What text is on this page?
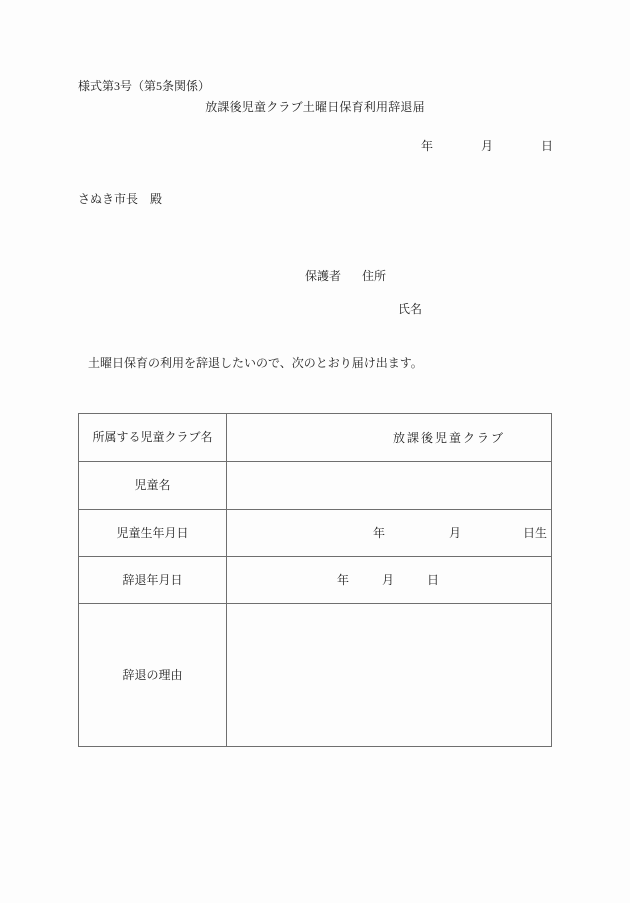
様式第3号（第5条関係）
放課後児童クラブ土曜日保育利用辞退届
年	月	日
さぬき市長　殿
保護者 住所
氏名
土曜日保育の利用を辞退したいので、次のとおり届け出ます。
所属する児童クラブ名	放課後児童クラブ
児童名
児童生年月日	年	月	日生
辞退年月日	年	月	日
辞退の理由
